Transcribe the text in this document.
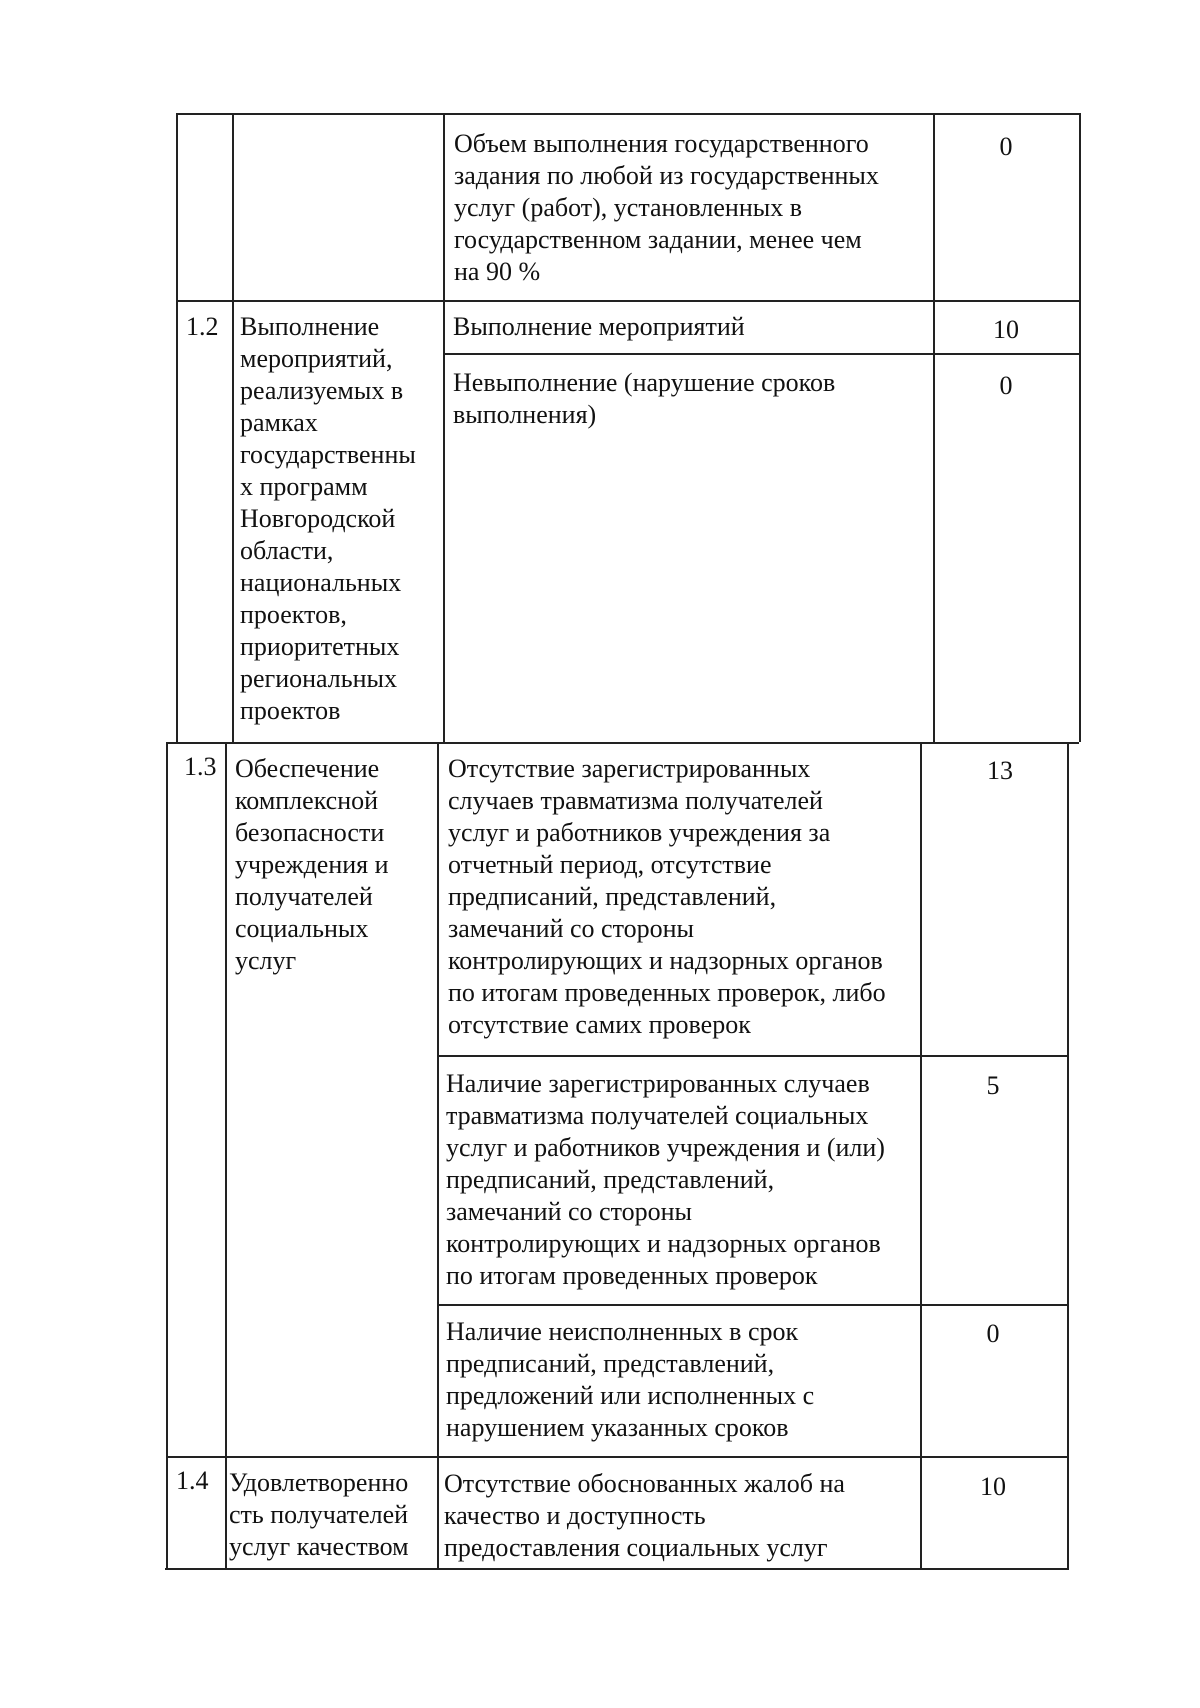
Объем выполнения государственного
задания по любой из государственных
услуг (работ), установленных в
государственном задании, менее чем
на 90 %
0
1.2 Выполнение
мероприятий,
реализуемых в
рамках
государственны
х программ
Новгородской
области,
национальных
проектов,
приоритетных
региональных
проектов
Выполнение мероприятий	10
Невыполнение (нарушение сроков
выполнения)
0
1.3 Обеспечение
комплексной
безопасности
учреждения и
получателей
социальных
услуг
Отсутствие зарегистрированных
случаев травматизма получателей
услуг и работников учреждения за
отчетный период, отсутствие
предписаний, представлений,
замечаний со стороны
контролирующих и надзорных органов
по итогам проведенных проверок, либо
отсутствие самих проверок
13
Наличие зарегистрированных случаев
травматизма получателей социальных
услуг и работников учреждения и (или)
предписаний, представлений,
замечаний со стороны
контролирующих и надзорных органов
по итогам проведенных проверок
5
Наличие неисполненных в срок
предписаний, представлений,
предложений или исполненных с
нарушением указанных сроков
0
1.4 Удовлетворенно
сть получателей
услуг качеством
Отсутствие обоснованных жалоб на
качество и доступность
предоставления социальных услуг
10
